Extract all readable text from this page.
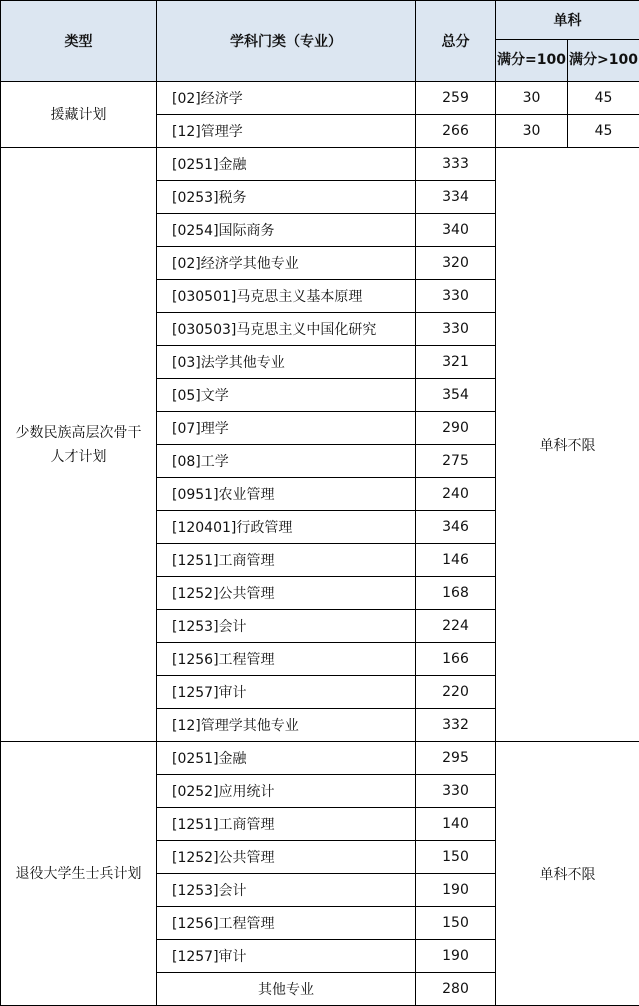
类型	学科门类（专业）	总分	单科	
			满分=100	满分>100
援藏计划	[02]经济学	259	30	45
	[12]管理学	266	30	45
少数民族高层次骨干人才计划	[0251]金融	333	单科不限	
	[0253]税务	334		
	[0254]国际商务	340		
	[02]经济学其他专业	320		
	[030501]马克思主义基本原理	330		
	[030503]马克思主义中国化研究	330		
	[03]法学其他专业	321		
	[05]文学	354		
	[07]理学	290		
	[08]工学	275		
	[0951]农业管理	240		
	[120401]行政管理	346		
	[1251]工商管理	146		
	[1252]公共管理	168		
	[1253]会计	224		
	[1256]工程管理	166		
	[1257]审计	220		
	[12]管理学其他专业	332		
退役大学生士兵计划	[0251]金融	295	单科不限	
	[0252]应用统计	330		
	[1251]工商管理	140		
	[1252]公共管理	150		
	[1253]会计	190		
	[1256]工程管理	150		
	[1257]审计	190		
	其他专业	280		
